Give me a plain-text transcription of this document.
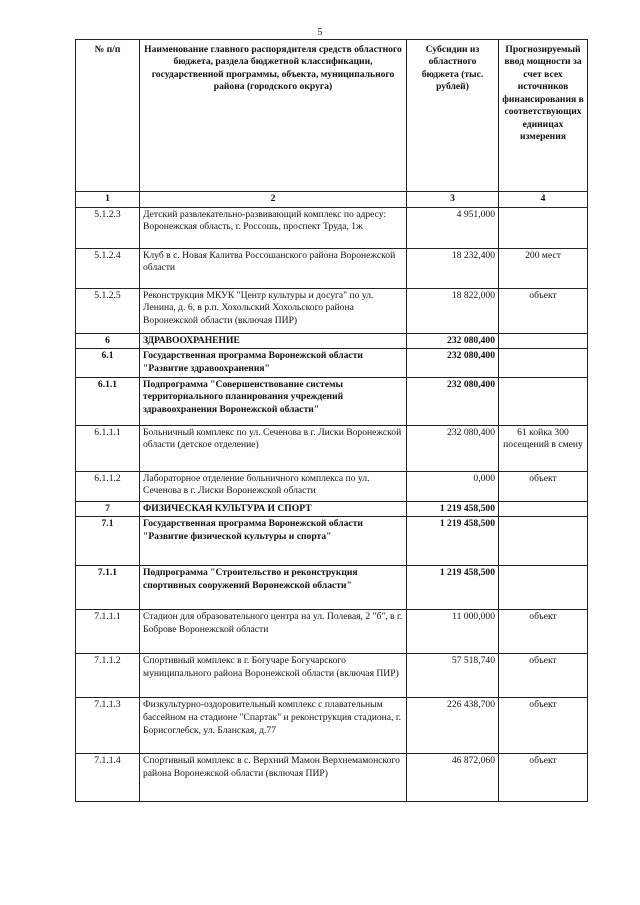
5
№ п/п	Наименование главного распорядителя средств областного бюджета, раздела бюджетной классификации, государственной программы, объекта, муниципального района (городского округа)	Субсидии из областного бюджета (тыс. рублей)	Прогнозируемый ввод мощности за счет всех источников финансирования в соответствующих единицах измерения
1	2	3	4
5.1.2.3	Детский развлекательно-развивающий комплекс по адресу: Воронежская область, г. Россошь, проспект Труда, 1ж	4 951,000	
5.1.2.4	Клуб в с. Новая Калитва Россошанского района Воронежской области	18 232,400	200 мест
5.1.2.5	Реконструкция МКУК "Центр культуры и досуга" по ул. Ленина, д. 6, в р.п. Хохольский Хохольского района Воронежской области (включая ПИР)	18 822,000	объект
6	ЗДРАВООХРАНЕНИЕ	232 080,400	
6.1	Государственная программа Воронежской области "Развитие здравоохранения"	232 080,400	
6.1.1	Подпрограмма "Совершенствование системы территориального планирования учреждений здравоохранения Воронежской области"	232 080,400	
6.1.1.1	Больничный комплекс по ул. Сеченова в г. Лиски Воронежской области (детское отделение)	232 080,400	61 койка 300 посещений в смену
6.1.1.2	Лабораторное отделение больничного комплекса по ул. Сеченова в г. Лиски Воронежской области	0,000	объект
7	ФИЗИЧЕСКАЯ КУЛЬТУРА И СПОРТ	1 219 458,500	
7.1	Государственная программа Воронежской области "Развитие физической культуры и спорта"	1 219 458,500	
7.1.1	Подпрограмма "Строительство и реконструкция спортивных сооружений Воронежской области"	1 219 458,500	
7.1.1.1	Стадион для образовательного центра на ул. Полевая, 2 "б", в г. Боброве Воронежской области	11 000,000	объект
7.1.1.2	Спортивный комплекс в г. Богучаре Богучарского муниципального района Воронежской области (включая ПИР)	57 518,740	объект
7.1.1.3	Физкультурно-оздоровительный комплекс с плавательным бассейном на стадионе "Спартак" и реконструкция стадиона, г. Борисоглебск, ул. Бланская, д.77	226 438,700	объект
7.1.1.4	Спортивный комплекс в с. Верхний Мамон Верхнемамонского района Воронежской области (включая ПИР)	46 872,060	объект
